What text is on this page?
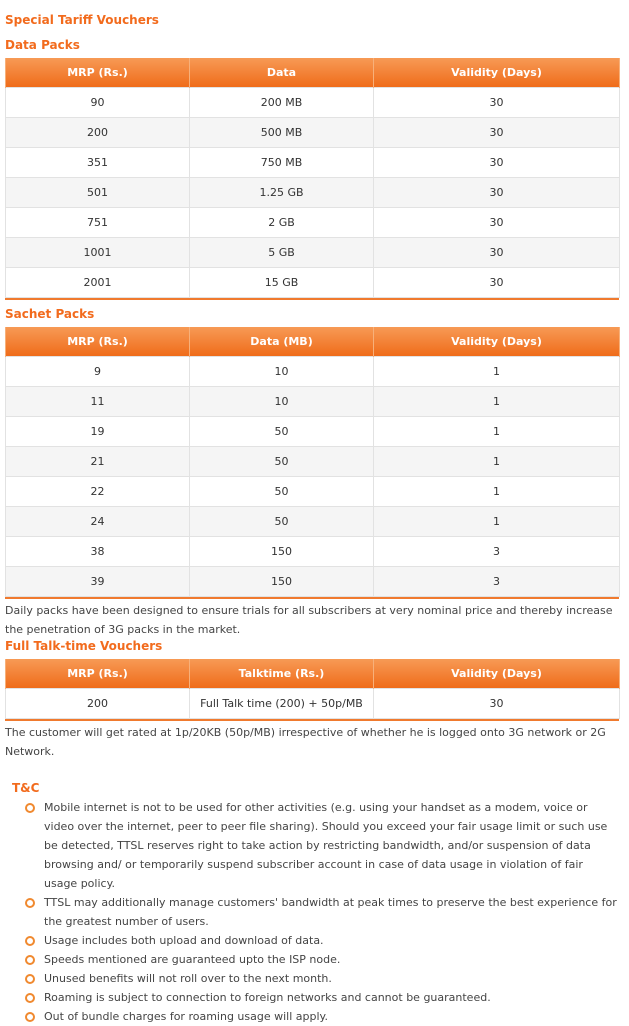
Special Tariff Vouchers
Data Packs
MRP (Rs.)	Data	Validity (Days)
90	200 MB	30
200	500 MB	30
351	750 MB	30
501	1.25 GB	30
751	2 GB	30
1001	5 GB	30
2001	15 GB	30
Sachet Packs
MRP (Rs.)	Data (MB)	Validity (Days)
9	10	1
11	10	1
19	50	1
21	50	1
22	50	1
24	50	1
38	150	3
39	150	3

Daily packs have been designed to ensure trials for all subscribers at very nominal price and thereby increase the penetration of 3G packs in the market.

Full Talk-time Vouchers
MRP (Rs.)	Talktime (Rs.)	Validity (Days)
200	Full Talk time (200) + 50p/MB	30

The customer will get rated at 1p/20KB (50p/MB) irrespective of whether he is logged onto 3G network or 2G Network.

T&C
Mobile internet is not to be used for other activities (e.g. using your handset as a modem, voice or video over the internet, peer to peer file sharing). Should you exceed your fair usage limit or such use be detected, TTSL reserves right to take action by restricting bandwidth, and/or suspension of data browsing and/ or temporarily suspend subscriber account in case of data usage in violation of fair usage policy.
TTSL may additionally manage customers' bandwidth at peak times to preserve the best experience for the greatest number of users.
Usage includes both upload and download of data.
Speeds mentioned are guaranteed upto the ISP node.
Unused benefits will not roll over to the next month.
Roaming is subject to connection to foreign networks and cannot be guaranteed.
Out of bundle charges for roaming usage will apply.
